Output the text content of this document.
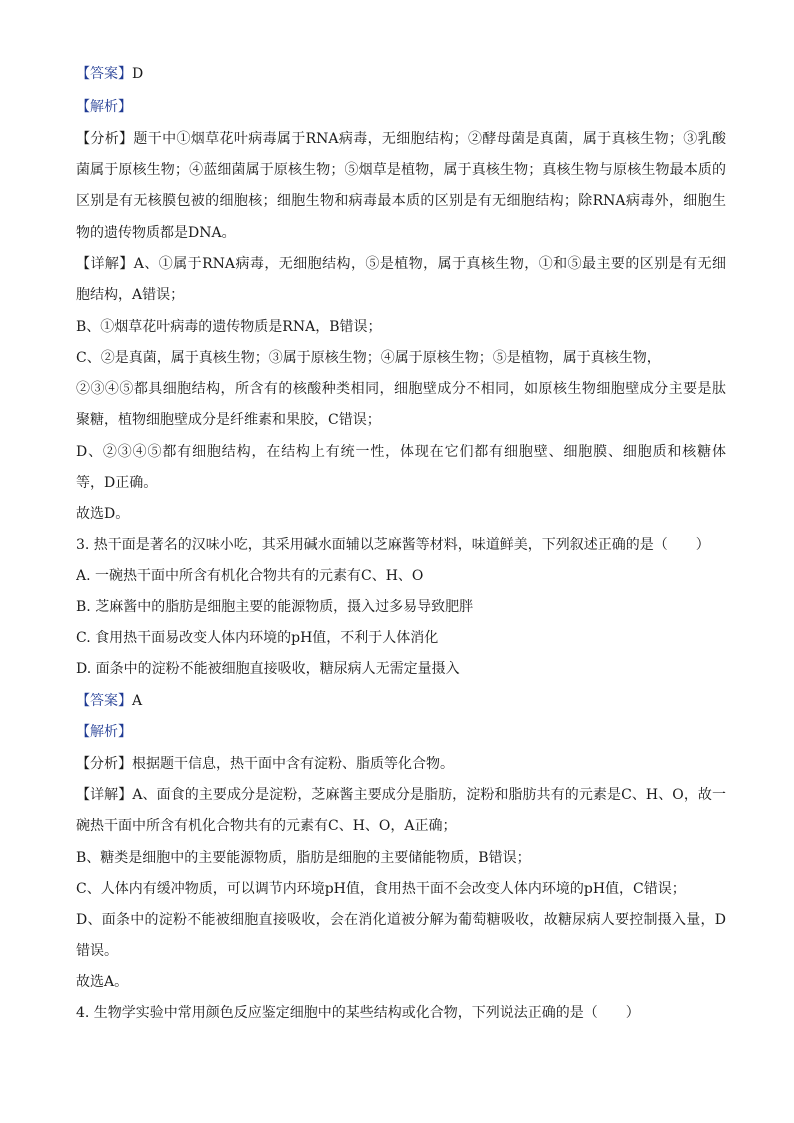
【答案】D
【解析】
【分析】题干中①烟草花叶病毒属于RNA病毒，无细胞结构；②酵母菌是真菌，属于真核生物；③乳酸
菌属于原核生物；④蓝细菌属于原核生物；⑤烟草是植物，属于真核生物；真核生物与原核生物最本质的
区别是有无核膜包被的细胞核；细胞生物和病毒最本质的区别是有无细胞结构；除RNA病毒外，细胞生
物的遗传物质都是DNA。
【详解】A、①属于RNA病毒，无细胞结构，⑤是植物，属于真核生物，①和⑤最主要的区别是有无细
胞结构，A错误；
B、①烟草花叶病毒的遗传物质是RNA，B错误；
C、②是真菌，属于真核生物；③属于原核生物；④属于原核生物；⑤是植物，属于真核生物，
②③④⑤都具细胞结构，所含有的核酸种类相同，细胞壁成分不相同，如原核生物细胞壁成分主要是肽
聚糖，植物细胞壁成分是纤维素和果胶，C错误；
D、②③④⑤都有细胞结构，在结构上有统一性，体现在它们都有细胞壁、细胞膜、细胞质和核糖体
等，D正确。
故选D。
3. 热干面是著名的汉味小吃，其采用碱水面辅以芝麻酱等材料，味道鲜美，下列叙述正确的是（　　）
A. 一碗热干面中所含有机化合物共有的元素有C、H、O
B. 芝麻酱中的脂肪是细胞主要的能源物质，摄入过多易导致肥胖
C. 食用热干面易改变人体内环境的pH值，不利于人体消化
D. 面条中的淀粉不能被细胞直接吸收，糖尿病人无需定量摄入
【答案】A
【解析】
【分析】根据题干信息，热干面中含有淀粉、脂质等化合物。
【详解】A、面食的主要成分是淀粉，芝麻酱主要成分是脂肪，淀粉和脂肪共有的元素是C、H、O，故一
碗热干面中所含有机化合物共有的元素有C、H、O，A正确；
B、糖类是细胞中的主要能源物质，脂肪是细胞的主要储能物质，B错误；
C、人体内有缓冲物质，可以调节内环境pH值，食用热干面不会改变人体内环境的pH值，C错误；
D、面条中的淀粉不能被细胞直接吸收，会在消化道被分解为葡萄糖吸收，故糖尿病人要控制摄入量，D
错误。
故选A。
4. 生物学实验中常用颜色反应鉴定细胞中的某些结构或化合物，下列说法正确的是（　　）
